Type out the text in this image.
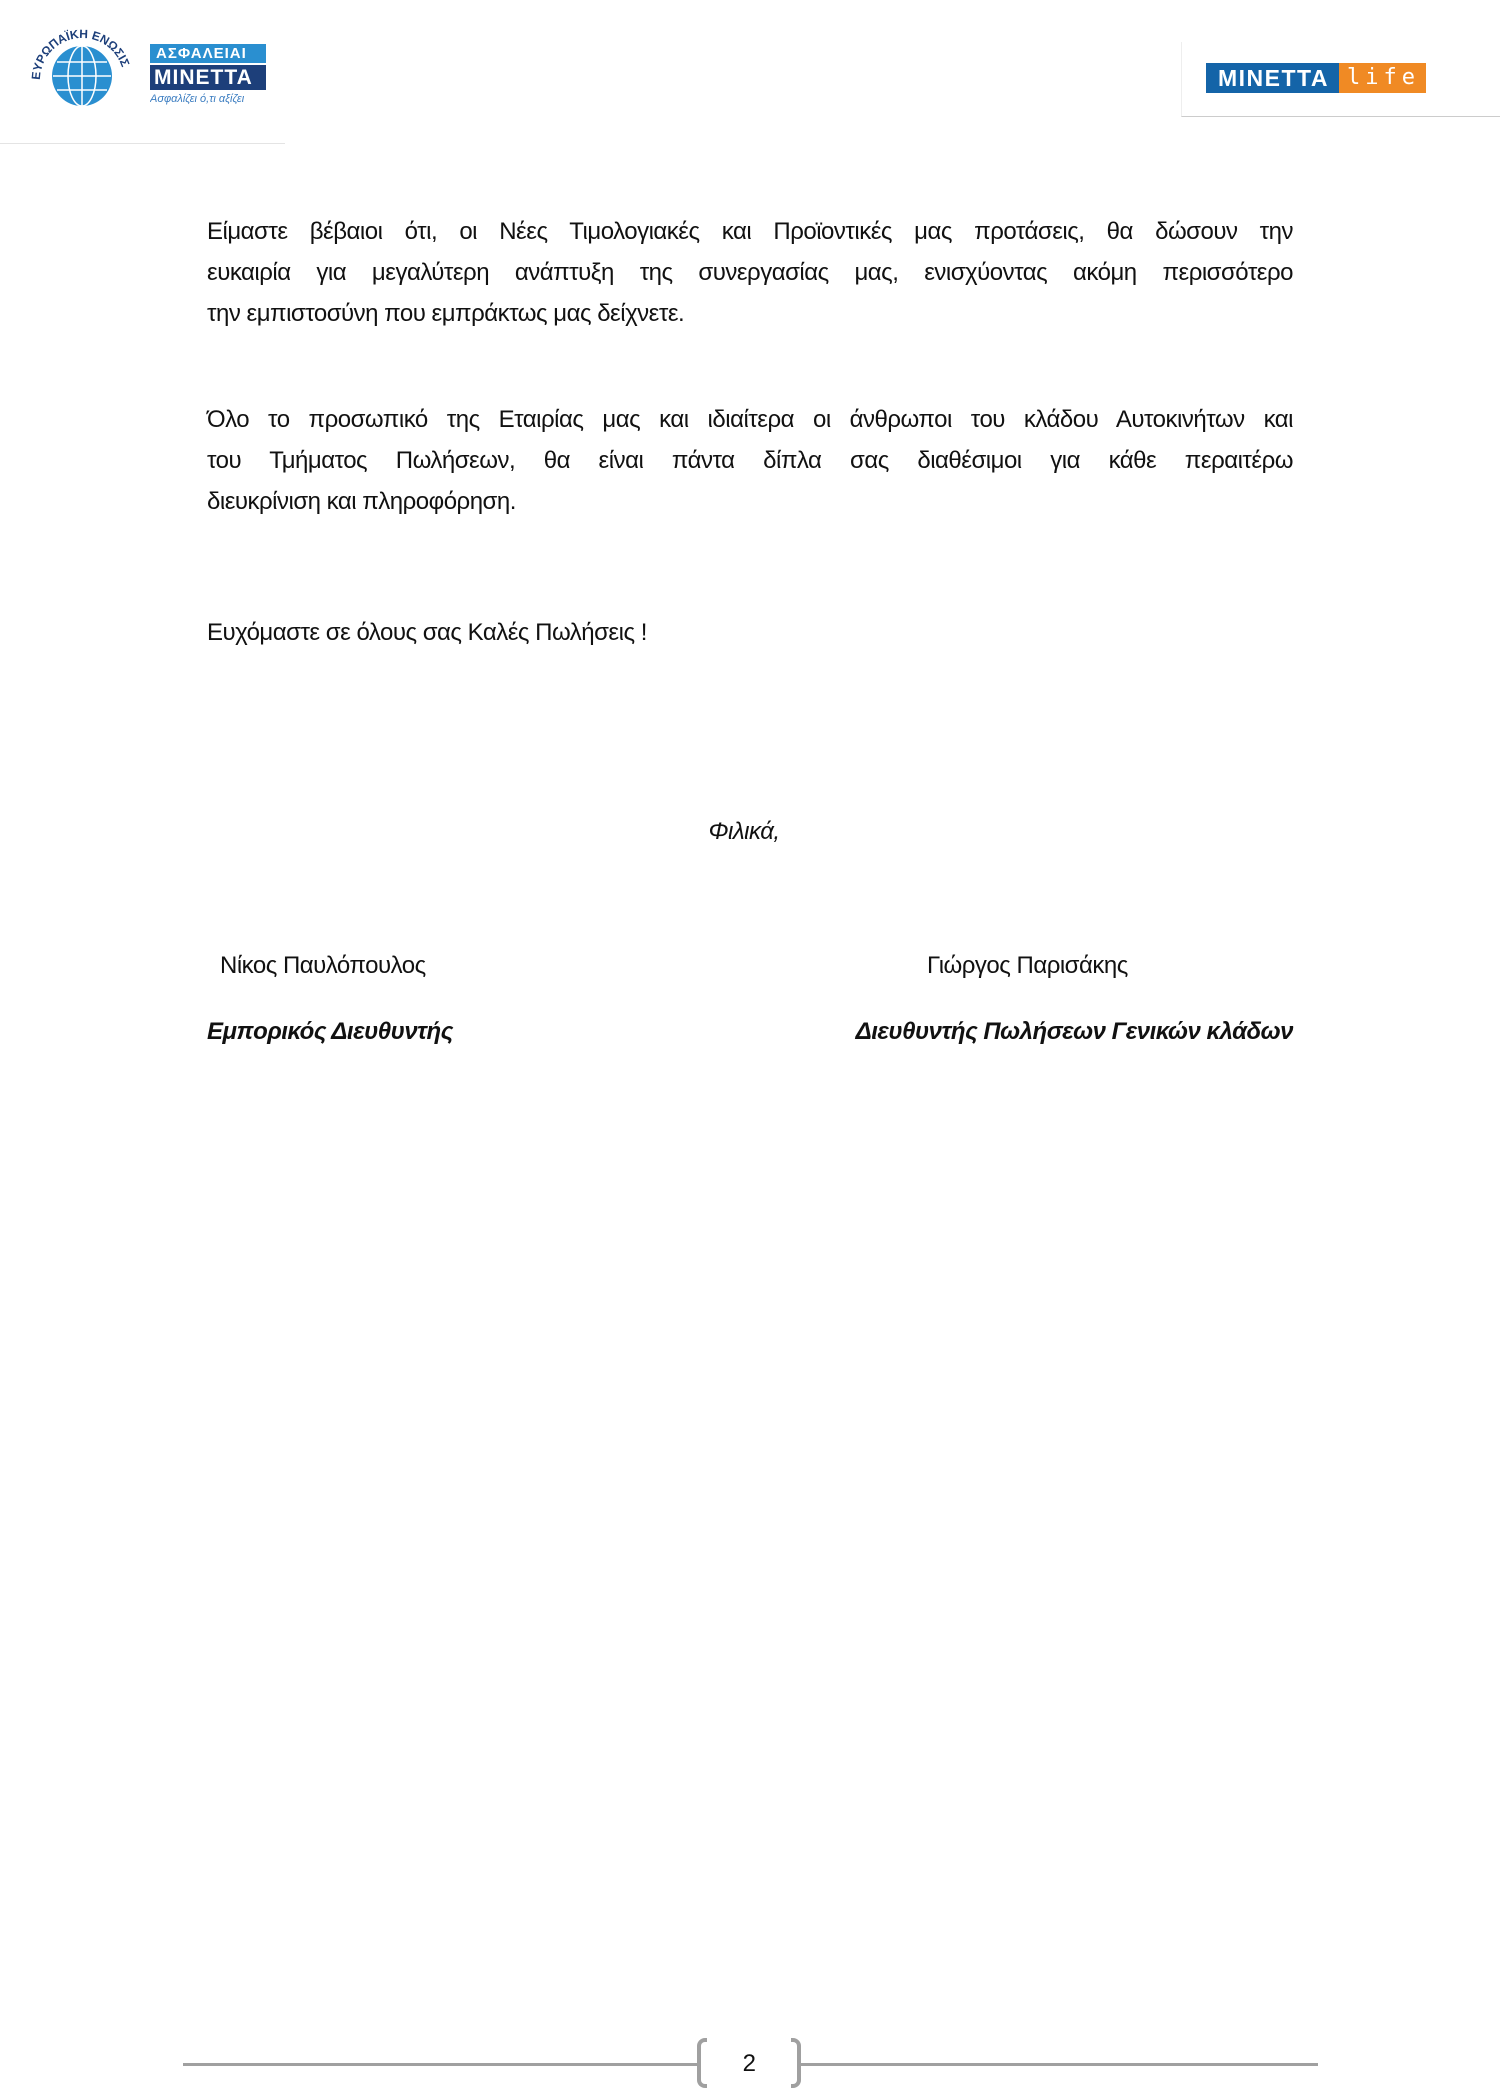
ΕΥΡΩΠΑΪΚΗ ΕΝΩΣΙΣ
ΑΣΦΑΛΕΙΑΙ
ΜΙΝΕΤΤΑ
Ασφαλίζει ό,τι αξίζει
MINETTA life
Είμαστε βέβαιοι ότι, οι Νέες Τιμολογιακές και Προϊοντικές μας προτάσεις, θα δώσουν την
ευκαιρία για μεγαλύτερη ανάπτυξη της συνεργασίας μας, ενισχύοντας ακόμη περισσότερο
την εμπιστοσύνη που εμπράκτως μας δείχνετε.
Όλο το προσωπικό της Εταιρίας μας και ιδιαίτερα οι άνθρωποι του κλάδου Αυτοκινήτων και
του Τμήματος Πωλήσεων, θα είναι πάντα δίπλα σας διαθέσιμοι για κάθε περαιτέρω
διευκρίνιση και πληροφόρηση.
Ευχόμαστε σε όλους σας Καλές Πωλήσεις !
Φιλικά,
Νίκος Παυλόπουλος	Γιώργος Παρισάκης
Εμπορικός Διευθυντής	Διευθυντής Πωλήσεων Γενικών κλάδων
2
